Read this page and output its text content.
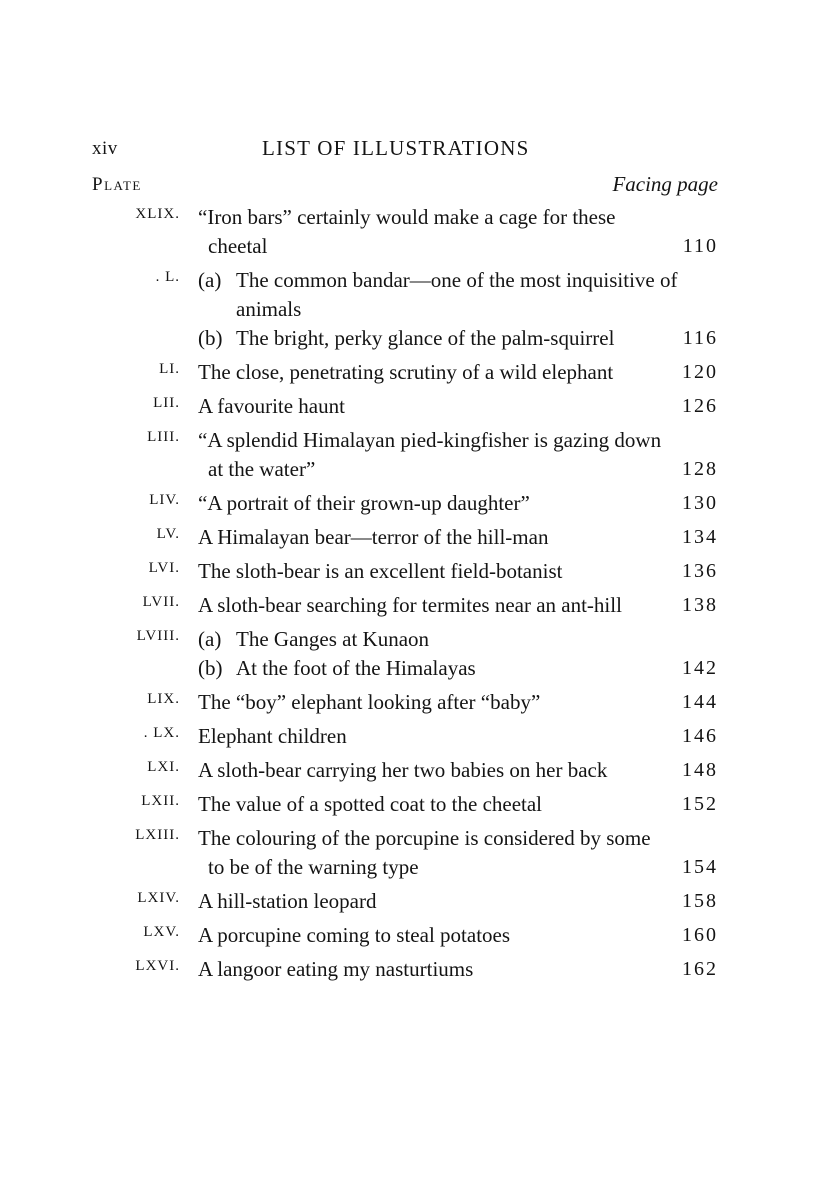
xiv	LIST OF ILLUSTRATIONS
Plate	Facing page
XLIX. “Iron bars” certainly would make a cage for these cheetal	110
. L. (a) The common bandar—one of the most inquisitive of animals
(b) The bright, perky glance of the palm-squirrel	116
LI. The close, penetrating scrutiny of a wild elephant	120
LII. A favourite haunt	126
LIII. “A splendid Himalayan pied-kingfisher is gazing down at the water”	128
LIV. “A portrait of their grown-up daughter”	130
LV. A Himalayan bear—terror of the hill-man	134
LVI. The sloth-bear is an excellent field-botanist	136
LVII. A sloth-bear searching for termites near an ant-hill	138
LVIII. (a) The Ganges at Kunaon
(b) At the foot of the Himalayas	142
LIX. The “boy” elephant looking after “baby”	144
. LX. Elephant children	146
LXI. A sloth-bear carrying her two babies on her back	148
LXII. The value of a spotted coat to the cheetal	152
LXIII. The colouring of the porcupine is considered by some to be of the warning type	154
LXIV. A hill-station leopard	158
LXV. A porcupine coming to steal potatoes	160
LXVI. A langoor eating my nasturtiums	162
